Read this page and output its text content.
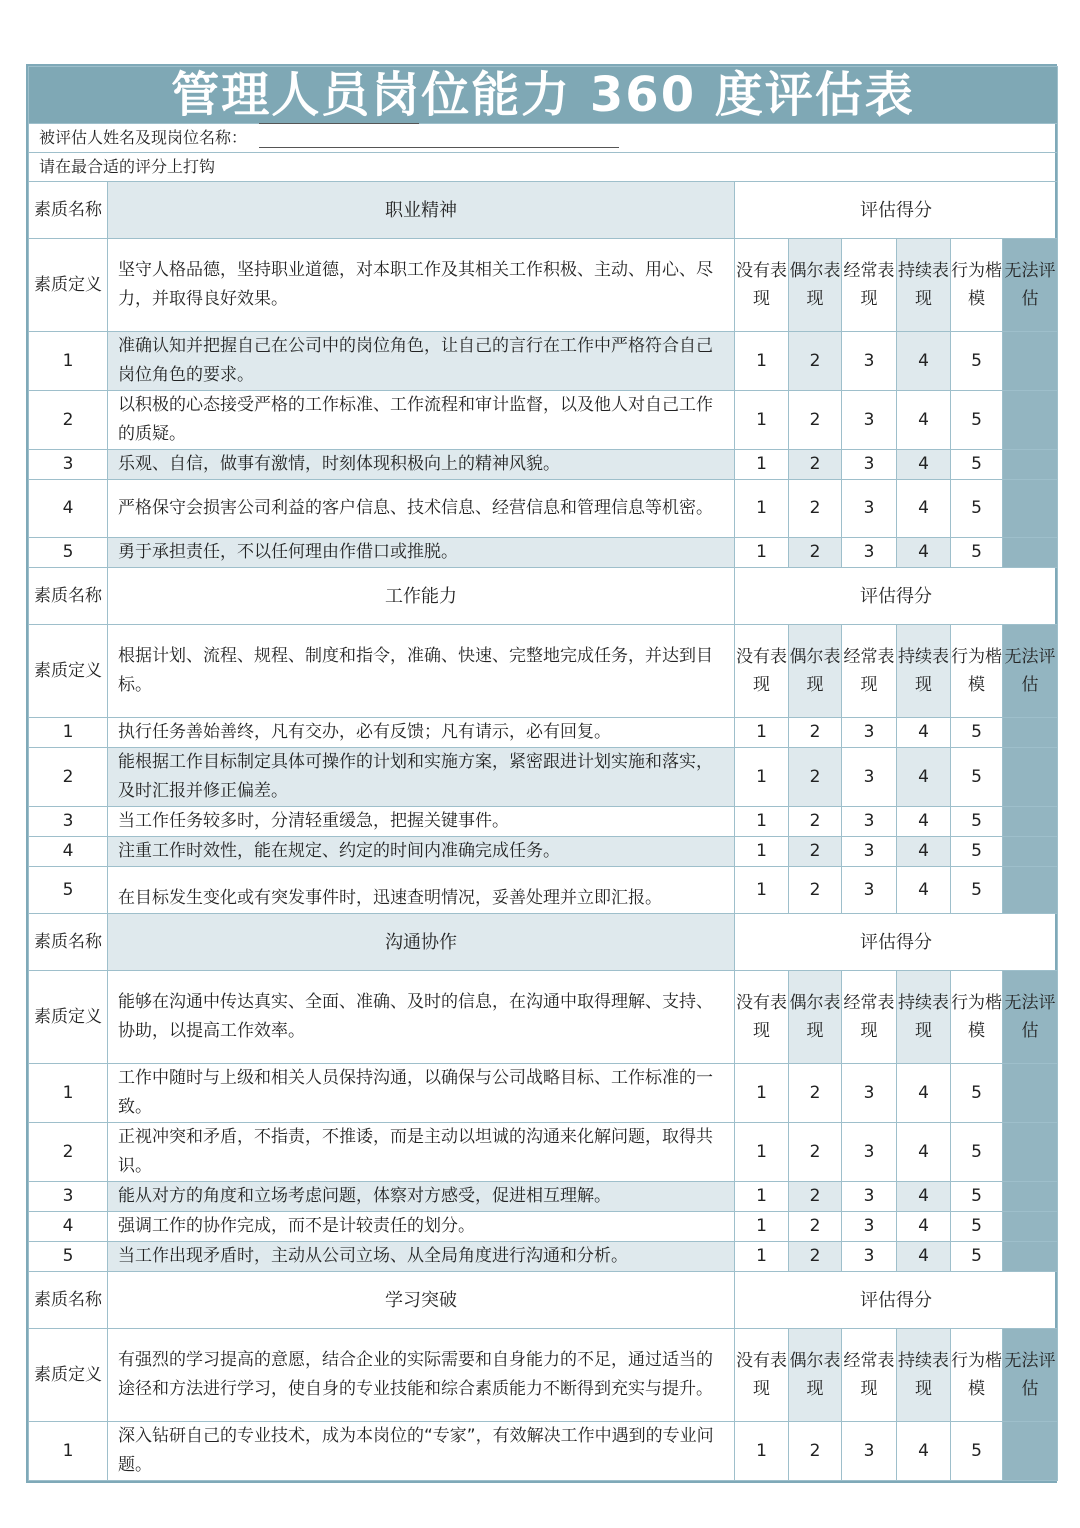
管理人员岗位能力 360 度评估表							
被评估人姓名及现岗位名称：							
请在最合适的评分上打钩							
素质名称	职业精神	评估得分					
素质定义	坚守人格品德，坚持职业道德，对本职工作及其相关工作积极、主动、用心、尽力，并取得良好效果。	没有表现	偶尔表现	经常表现	持续表现	行为楷模	无法评估
1	准确认知并把握自己在公司中的岗位角色，让自己的言行在工作中严格符合自己岗位角色的要求。	1	2	3	4	5	
2	以积极的心态接受严格的工作标准、工作流程和审计监督，以及他人对自己工作的质疑。	1	2	3	4	5	
3	乐观、自信，做事有激情，时刻体现积极向上的精神风貌。	1	2	3	4	5	
4	严格保守会损害公司利益的客户信息、技术信息、经营信息和管理信息等机密。	1	2	3	4	5	
5	勇于承担责任，不以任何理由作借口或推脱。	1	2	3	4	5	
素质名称	工作能力	评估得分					
素质定义	根据计划、流程、规程、制度和指令，准确、快速、完整地完成任务，并达到目标。	没有表现	偶尔表现	经常表现	持续表现	行为楷模	无法评估
1	执行任务善始善终，凡有交办，必有反馈；凡有请示，必有回复。	1	2	3	4	5	
2	能根据工作目标制定具体可操作的计划和实施方案，紧密跟进计划实施和落实，及时汇报并修正偏差。	1	2	3	4	5	
3	当工作任务较多时，分清轻重缓急，把握关键事件。	1	2	3	4	5	
4	注重工作时效性，能在规定、约定的时间内准确完成任务。	1	2	3	4	5	
5	在目标发生变化或有突发事件时，迅速查明情况，妥善处理并立即汇报。	1	2	3	4	5	
素质名称	沟通协作	评估得分					
素质定义	能够在沟通中传达真实、全面、准确、及时的信息，在沟通中取得理解、支持、协助，以提高工作效率。	没有表现	偶尔表现	经常表现	持续表现	行为楷模	无法评估
1	工作中随时与上级和相关人员保持沟通，以确保与公司战略目标、工作标准的一致。	1	2	3	4	5	
2	正视冲突和矛盾，不指责，不推诿，而是主动以坦诚的沟通来化解问题，取得共识。	1	2	3	4	5	
3	能从对方的角度和立场考虑问题，体察对方感受，促进相互理解。	1	2	3	4	5	
4	强调工作的协作完成，而不是计较责任的划分。	1	2	3	4	5	
5	当工作出现矛盾时，主动从公司立场、从全局角度进行沟通和分析。	1	2	3	4	5	
素质名称	学习突破	评估得分					
素质定义	有强烈的学习提高的意愿，结合企业的实际需要和自身能力的不足，通过适当的途径和方法进行学习，使自身的专业技能和综合素质能力不断得到充实与提升。	没有表现	偶尔表现	经常表现	持续表现	行为楷模	无法评估
1	深入钻研自己的专业技术，成为本岗位的“专家”，有效解决工作中遇到的专业问题。	1	2	3	4	5	
